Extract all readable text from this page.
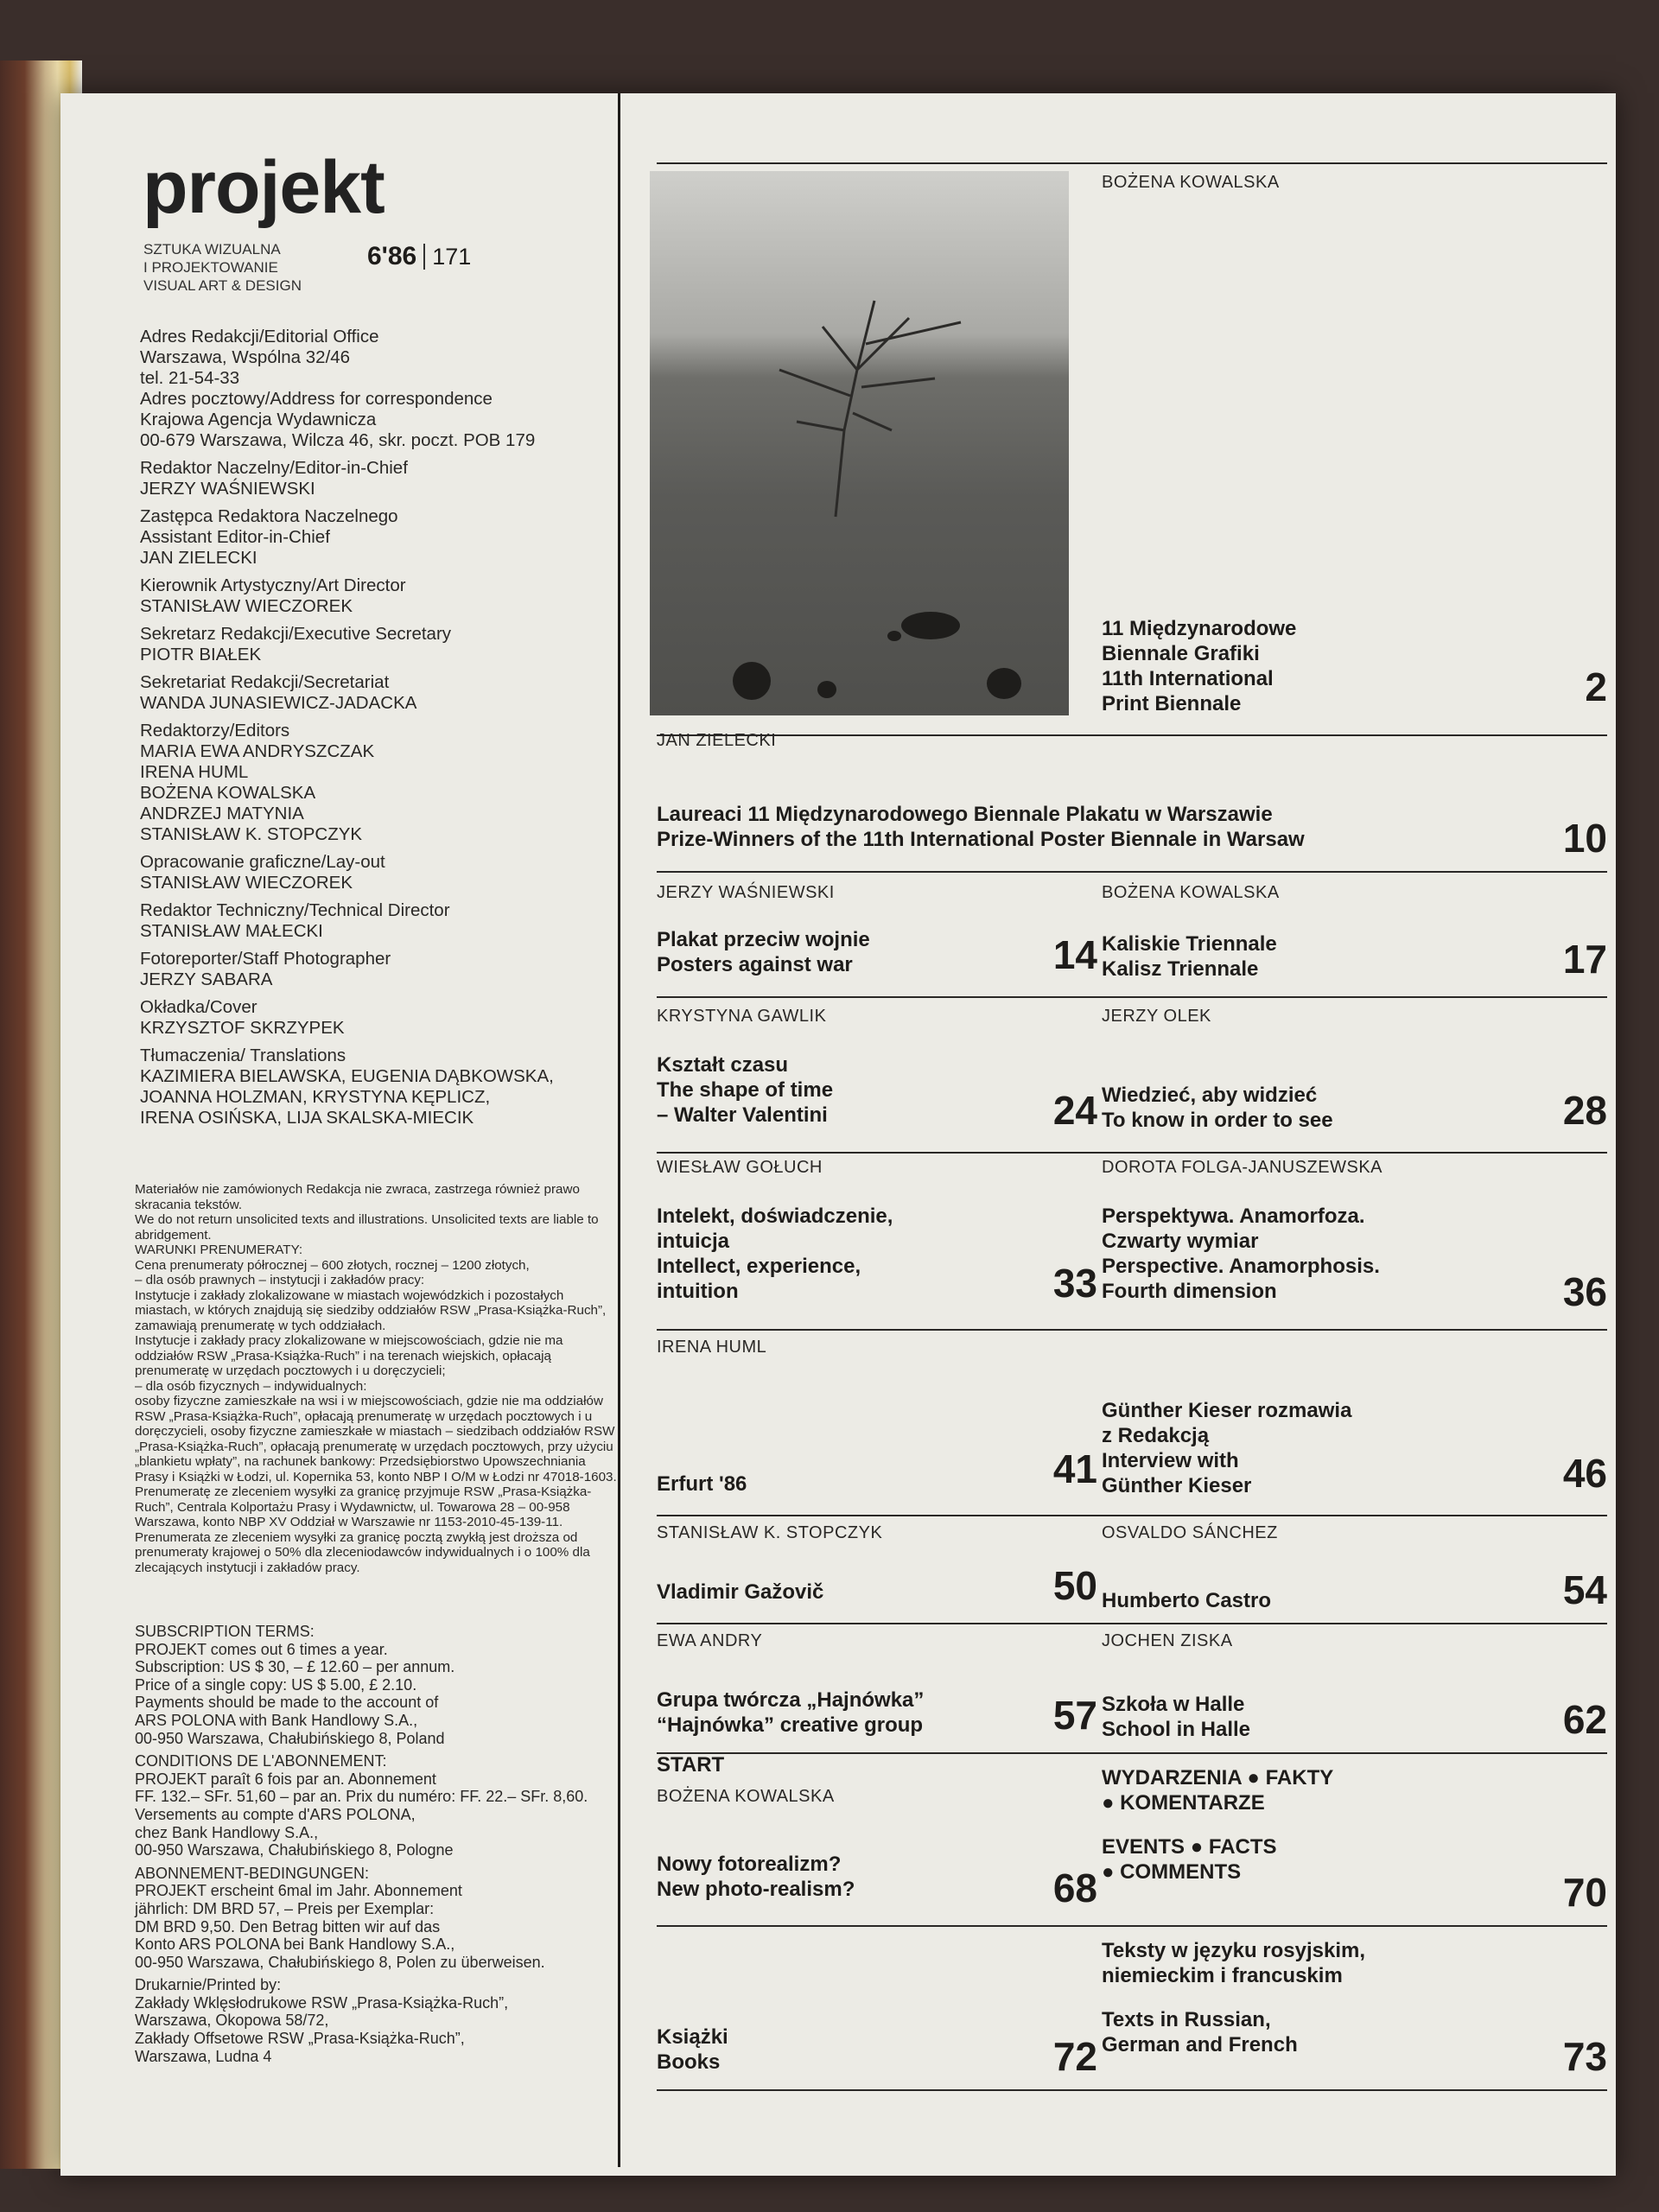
projekt
SZTUKA WIZUALNA
I PROJEKTOWANIE
VISUAL ART & DESIGN
6'86 171
Adres Redakcji/Editorial Office
Warszawa, Wspólna 32/46
tel. 21-54-33
Adres pocztowy/Address for correspondence
Krajowa Agencja Wydawnicza
00-679 Warszawa, Wilcza 46, skr. poczt. POB 179
Redaktor Naczelny/Editor-in-Chief
JERZY WAŚNIEWSKI
Zastępca Redaktora Naczelnego
Assistant Editor-in-Chief
JAN ZIELECKI
Kierownik Artystyczny/Art Director
STANISŁAW WIECZOREK
Sekretarz Redakcji/Executive Secretary
PIOTR BIAŁEK
Sekretariat Redakcji/Secretariat
WANDA JUNASIEWICZ-JADACKA
Redaktorzy/Editors
MARIA EWA ANDRYSZCZAK
IRENA HUML
BOŻENA KOWALSKA
ANDRZEJ MATYNIA
STANISŁAW K. STOPCZYK
Opracowanie graficzne/Lay-out
STANISŁAW WIECZOREK
Redaktor Techniczny/Technical Director
STANISŁAW MAŁECKI
Fotoreporter/Staff Photographer
JERZY SABARA
Okładka/Cover
KRZYSZTOF SKRZYPEK
Tłumaczenia/ Translations
KAZIMIERA BIELAWSKA, EUGENIA DĄBKOWSKA,
JOANNA HOLZMAN, KRYSTYNA KĘPLICZ,
IRENA OSIŃSKA, LIJA SKALSKA-MIECIK

Materiałów nie zamówionych Redakcja nie zwraca, zastrzega również prawo skracania tekstów.

We do not return unsolicited texts and illustrations. Unsolicited texts are liable to abridgement.

WARUNKI PRENUMERATY:

Cena prenumeraty półrocznej – 600 złotych, rocznej – 1200 złotych,

– dla osób prawnych – instytucji i zakładów pracy:

Instytucje i zakłady zlokalizowane w miastach wojewódzkich i pozostałych miastach, w których znajdują się siedziby oddziałów RSW „Prasa-Książka-Ruch”, zamawiają prenumeratę w tych oddziałach.

Instytucje i zakłady pracy zlokalizowane w miejscowościach, gdzie nie ma oddziałów RSW „Prasa-Książka-Ruch” i na terenach wiejskich, opłacają prenumeratę w urzędach pocztowych i u doręczycieli;

– dla osób fizycznych – indywidualnych:

osoby fizyczne zamieszkałe na wsi i w miejscowościach, gdzie nie ma oddziałów RSW „Prasa-Książka-Ruch”, opłacają prenumeratę w urzędach pocztowych i u doręczycieli, osoby fizyczne zamieszkałe w miastach – siedzibach oddziałów RSW „Prasa-Książka-Ruch”, opłacają prenumeratę w urzędach pocztowych, przy użyciu „blankietu wpłaty”, na rachunek bankowy: Przedsiębiorstwo Upowszechniania Prasy i Książki w Łodzi, ul. Kopernika 53, konto NBP I O/M w Łodzi nr 47018-1603.

Prenumeratę ze zleceniem wysyłki za granicę przyjmuje RSW „Prasa-Książka-Ruch”, Centrala Kolportażu Prasy i Wydawnictw, ul. Towarowa 28 – 00-958 Warszawa, konto NBP XV Oddział w Warszawie nr 1153-2010-45-139-11. Prenumerata ze zleceniem wysyłki za granicę pocztą zwykłą jest droższa od prenumeraty krajowej o 50% dla zleceniodawców indywidualnych i o 100% dla zlecających instytucji i zakładów pracy.

SUBSCRIPTION TERMS:
PROJEKT comes out 6 times a year.
Subscription: US $ 30, – £ 12.60 – per annum.
Price of a single copy: US $ 5.00, £ 2.10.
Payments should be made to the account of
ARS POLONA with Bank Handlowy S.A.,
00-950 Warszawa, Chałubińskiego 8, Poland
CONDITIONS DE L'ABONNEMENT:
PROJEKT paraît 6 fois par an. Abonnement
FF. 132.– SFr. 51,60 – par an. Prix du numéro: FF. 22.– SFr. 8,60.
Versements au compte d'ARS POLONA,
chez Bank Handlowy S.A.,
00-950 Warszawa, Chałubińskiego 8, Pologne
ABONNEMENT-BEDINGUNGEN:
PROJEKT erscheint 6mal im Jahr. Abonnement
jährlich: DM BRD 57, – Preis per Exemplar:
DM BRD 9,50. Den Betrag bitten wir auf das
Konto ARS POLONA bei Bank Handlowy S.A.,
00-950 Warszawa, Chałubińskiego 8, Polen zu überweisen.
Drukarnie/Printed by:
Zakłady Wklęsłodrukowe RSW „Prasa-Książka-Ruch”,
Warszawa, Okopowa 58/72,
Zakłady Offsetowe RSW „Prasa-Książka-Ruch”,
Warszawa, Ludna 4
BOŻENA KOWALSKA
11 Międzynarodowe
Biennale Grafiki
11th International
Print Biennale	2
JAN ZIELECKI
Laureaci 11 Międzynarodowego Biennale Plakatu w Warszawie
Prize-Winners of the 11th International Poster Biennale in Warsaw	10
JERZY WAŚNIEWSKI
Plakat przeciw wojnie
Posters against war	14
BOŻENA KOWALSKA
Kaliskie Triennale
Kalisz Triennale	17
KRYSTYNA GAWLIK
Kształt czasu
The shape of time
– Walter Valentini	24
JERZY OLEK
Wiedzieć, aby widzieć
To know in order to see	28
WIESŁAW GOŁUCH
Intelekt, doświadczenie,
intuicja
Intellect, experience,
intuition	33
DOROTA FOLGA-JANUSZEWSKA
Perspektywa. Anamorfoza.
Czwarty wymiar
Perspective. Anamorphosis.
Fourth dimension	36
IRENA HUML
Erfurt '86	41
Günther Kieser rozmawia
z Redakcją
Interview with
Günther Kieser	46
STANISŁAW K. STOPCZYK
Vladimir Gažovič	50
OSVALDO SÁNCHEZ
Humberto Castro	54
EWA ANDRY
Grupa twórcza „Hajnówka”
“Hajnówka” creative group	57
JOCHEN ZISKA
Szkoła w Halle
School in Halle	62
BOŻENA KOWALSKA
START
Nowy fotorealizm?
New photo-realism?	68
WYDARZENIA ● FAKTY
● KOMENTARZE
EVENTS ● FACTS
● COMMENTS	70
Książki
Books	72
Teksty w języku rosyjskim,
niemieckim i francuskim
Texts in Russian,
German and French	73
